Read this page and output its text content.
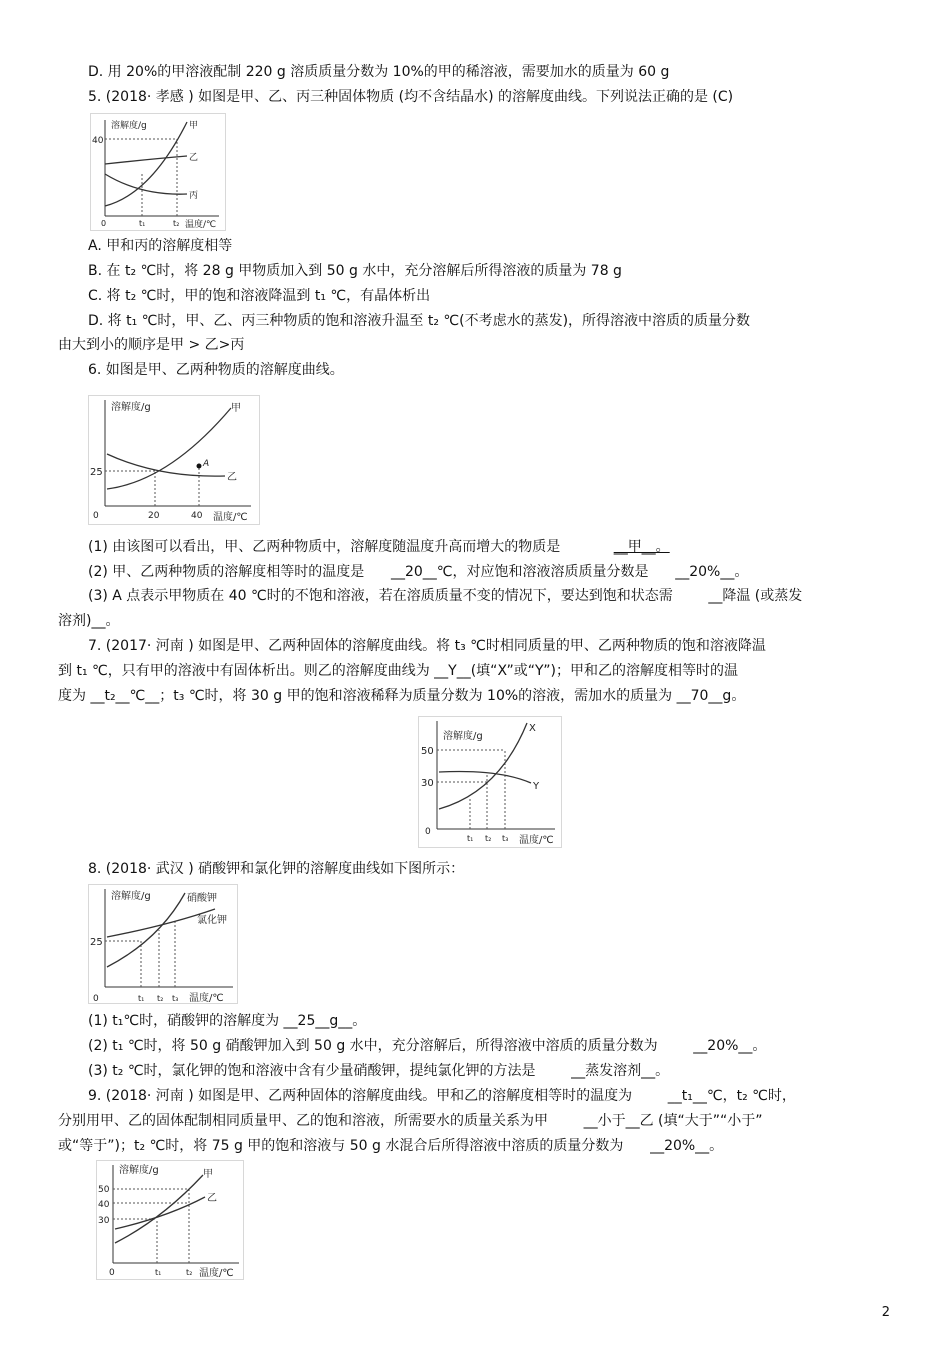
D. 用 20%的甲溶液配制 220 g 溶质质量分数为 10%的甲的稀溶液，需要加水的质量为 60 g
5. (2018· 孝感 ) 如图是甲、乙、丙三种固体物质 (均不含结晶水) 的溶解度曲线。下列说法正确的是 (C)
溶解度/g
40
0	t₁	t₂ 温度/℃
甲
乙
丙
A. 甲和丙的溶解度相等
B. 在 t₂ ℃时，将 28 g 甲物质加入到 50 g 水中，充分溶解后所得溶液的质量为 78 g
C. 将 t₂ ℃时，甲的饱和溶液降温到 t₁ ℃，有晶体析出
D. 将 t₁ ℃时，甲、乙、丙三种物质的饱和溶液升温至 t₂ ℃(不考虑水的蒸发)，所得溶液中溶质的质量分数
由大到小的顺序是甲 > 乙>丙
6. 如图是甲、乙两种物质的溶解度曲线。
溶解度/g
25
0	20	40 温度/℃
A
甲
乙
(1) 由该图可以看出，甲、乙两种物质中，溶解度随温度升高而增大的物质是	__甲__。
(2) 甲、乙两种物质的溶解度相等时的温度是 __20__℃，对应饱和溶液溶质质量分数是 __20%__。
(3) A 点表示甲物质在 40 ℃时的不饱和溶液，若在溶质质量不变的情况下，要达到饱和状态需	__降温 (或蒸发
溶剂)__。
7. (2017· 河南 ) 如图是甲、乙两种固体的溶解度曲线。将 t₃ ℃时相同质量的甲、乙两种物质的饱和溶液降温
到 t₁ ℃，只有甲的溶液中有固体析出。则乙的溶解度曲线为 __Y__(填“X”或“Y”)；甲和乙的溶解度相等时的温
度为 __t₂__℃__；t₃ ℃时，将 30 g 甲的饱和溶液稀释为质量分数为 10%的溶液，需加水的质量为 __70__g。
溶解度/g
50
30
0
t₁ t₂ t₃ 温度/℃
X
Y
8. (2018· 武汉 ) 硝酸钾和氯化钾的溶解度曲线如下图所示：
溶解度/g
25
0	t₁ t₂ t₃ 温度/℃
硝酸钾
氯化钾
(1) t₁℃时，硝酸钾的溶解度为 __25__g__。
(2) t₁ ℃时，将 50 g 硝酸钾加入到 50 g 水中，充分溶解后，所得溶液中溶质的质量分数为	__20%__。
(3) t₂ ℃时，氯化钾的饱和溶液中含有少量硝酸钾，提纯氯化钾的方法是	__蒸发溶剂__。
9. (2018· 河南 ) 如图是甲、乙两种固体的溶解度曲线。甲和乙的溶解度相等时的温度为	__t₁__℃，t₂ ℃时，
分别用甲、乙的固体配制相同质量甲、乙的饱和溶液，所需要水的质量关系为甲	__小于__乙 (填“大于”“小于”
或“等于”)；t₂ ℃时，将 75 g 甲的饱和溶液与 50 g 水混合后所得溶液中溶质的质量分数为 __20%__。
溶解度/g
50
40
30
0	t₁	t₂ 温度/℃
甲
乙
2
